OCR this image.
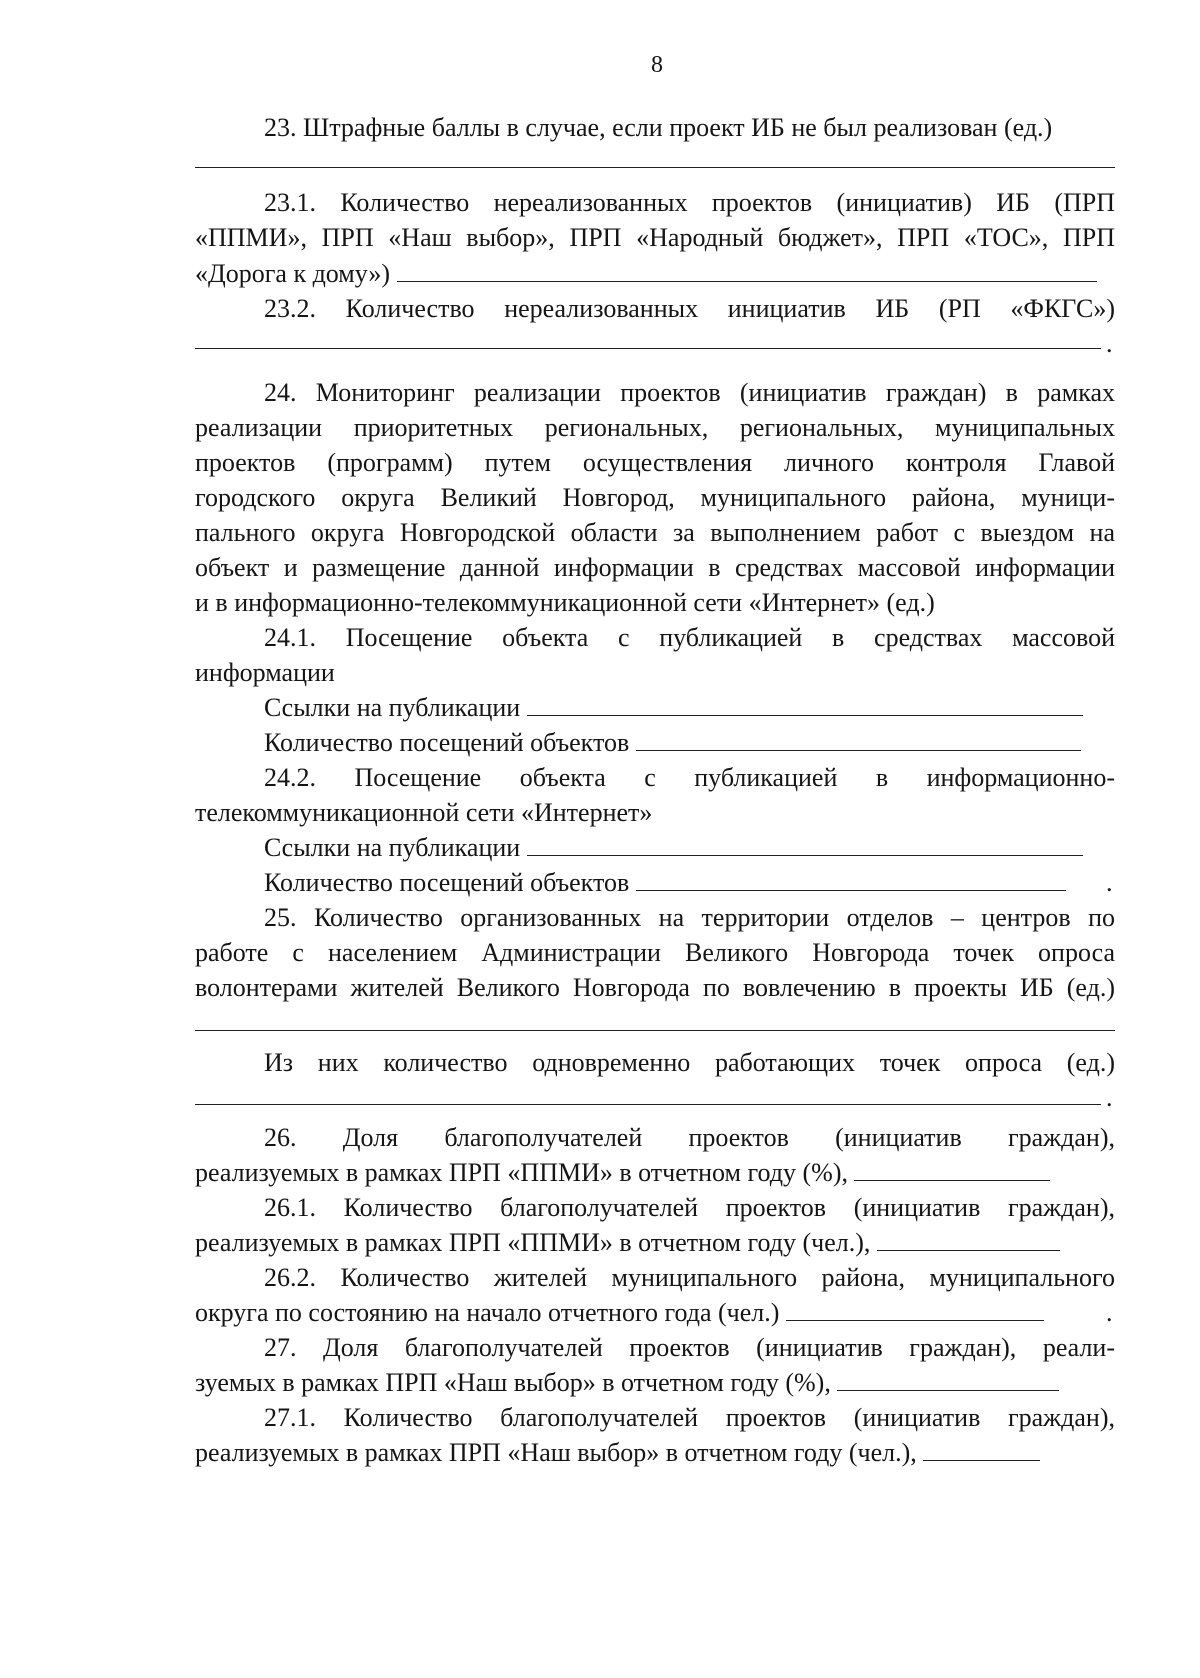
8
23. Штрафные баллы в случае, если проект ИБ не был реализован (ед.)
23.1. Количество нереализованных проектов (инициатив) ИБ (ПРП
«ППМИ», ПРП «Наш выбор», ПРП «Народный бюджет», ПРП «ТОС», ПРП
«Дорога к дому»)
23.2. Количество нереализованных инициатив ИБ (РП «ФКГС»)
.
24. Мониторинг реализации проектов (инициатив граждан) в рамках
реализации приоритетных региональных, региональных, муниципальных
проектов (программ) путем осуществления личного контроля Главой
городского округа Великий Новгород, муниципального района, муници-
пального округа Новгородской области за выполнением работ с выездом на
объект и размещение данной информации в средствах массовой информации
и в информационно-телекоммуникационной сети «Интернет» (ед.)
24.1. Посещение объекта с публикацией в средствах массовой
информации
Ссылки на публикации
Количество посещений объектов
24.2. Посещение объекта с публикацией в информационно-
телекоммуникационной сети «Интернет»
Ссылки на публикации
Количество посещений объектов	.
25. Количество организованных на территории отделов – центров по
работе с населением Администрации Великого Новгорода точек опроса
волонтерами жителей Великого Новгорода по вовлечению в проекты ИБ (ед.)
Из них количество одновременно работающих точек опроса (ед.)
.
26. Доля благополучателей проектов (инициатив граждан),
реализуемых в рамках ПРП «ППМИ» в отчетном году (%),
26.1. Количество благополучателей проектов (инициатив граждан),
реализуемых в рамках ПРП «ППМИ» в отчетном году (чел.),
26.2. Количество жителей муниципального района, муниципального
округа по состоянию на начало отчетного года (чел.)	.
27. Доля благополучателей проектов (инициатив граждан), реали-
зуемых в рамках ПРП «Наш выбор» в отчетном году (%),
27.1. Количество благополучателей проектов (инициатив граждан),
реализуемых в рамках ПРП «Наш выбор» в отчетном году (чел.),
